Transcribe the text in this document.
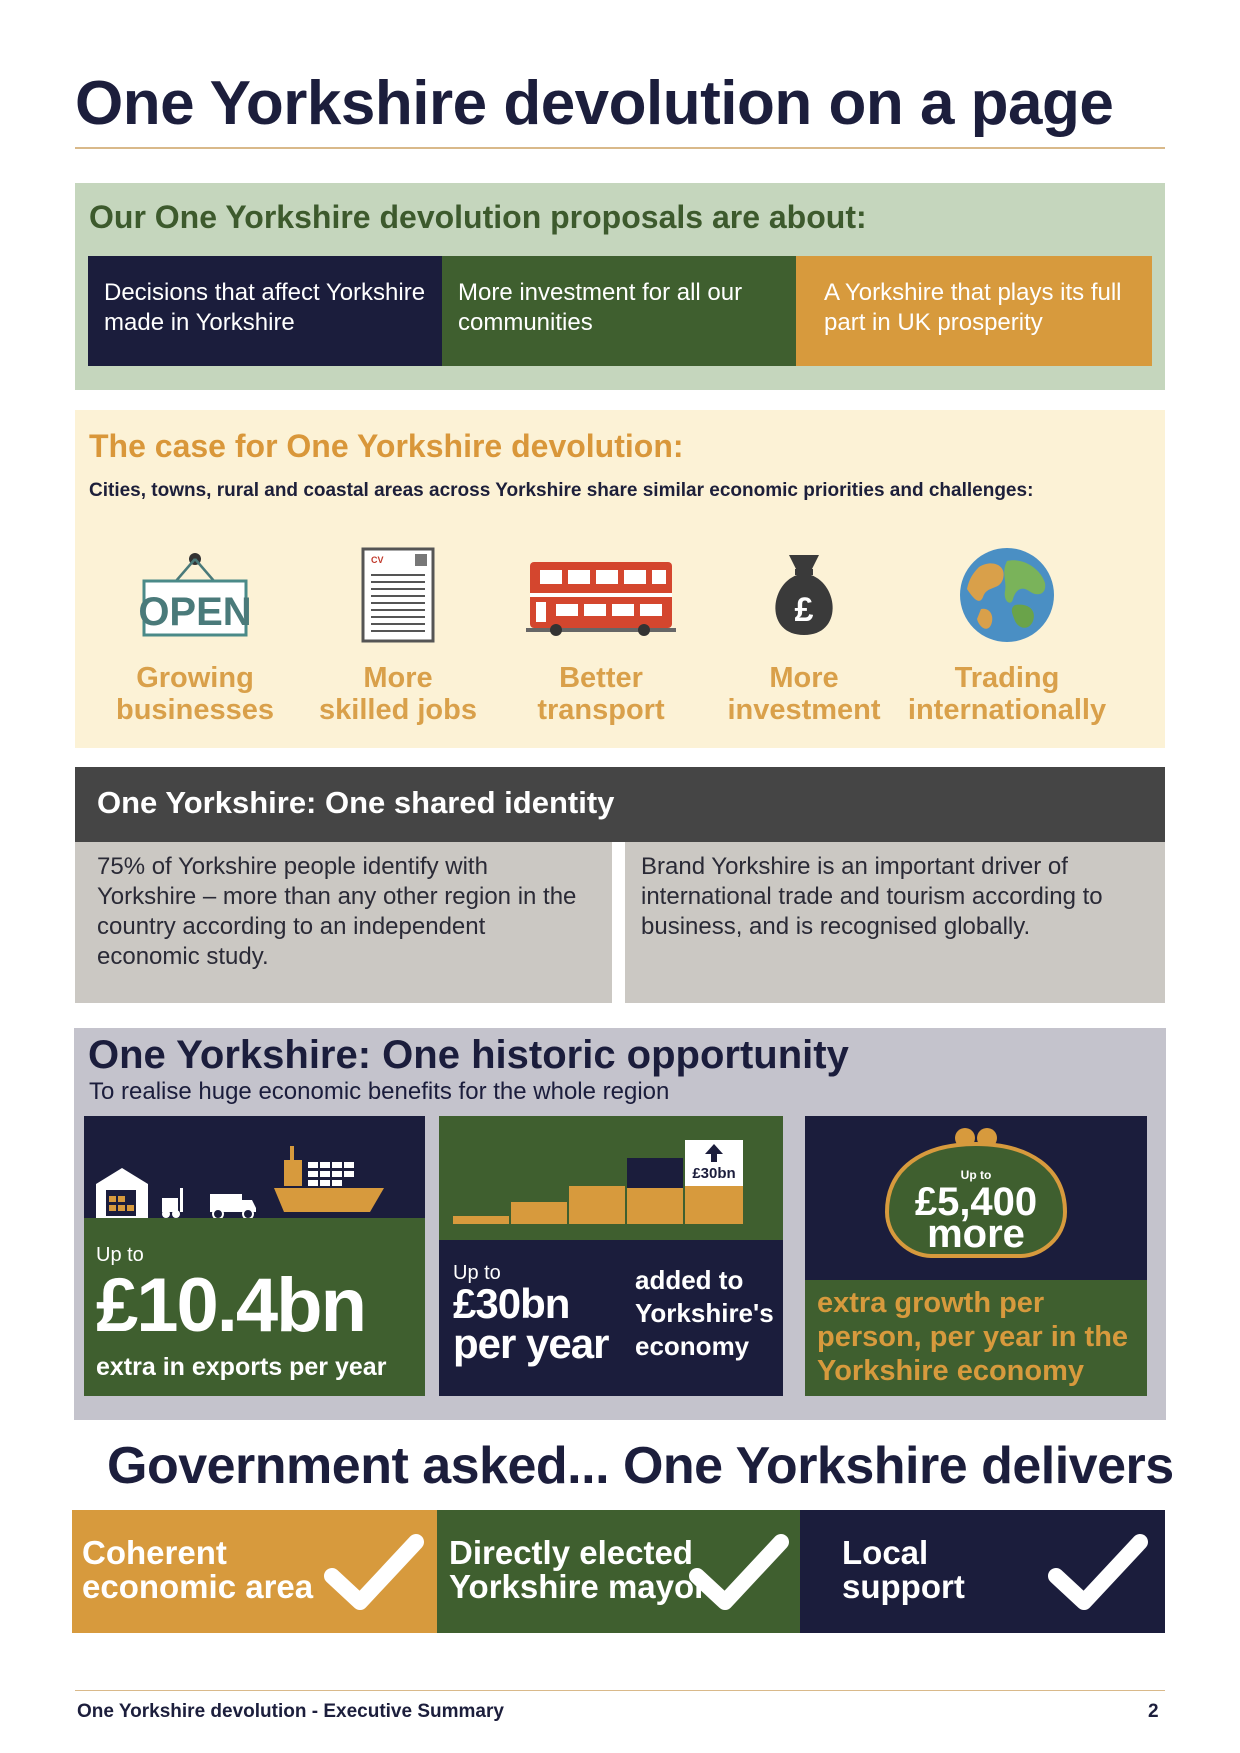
One Yorkshire devolution on a page
Our One Yorkshire devolution proposals are about:
Decisions that affect Yorkshire made in Yorkshire
More investment for all our communities
A Yorkshire that plays its full part in UK prosperity
The case for One Yorkshire devolution:
Cities, towns, rural and coastal areas across Yorkshire share similar economic priorities and challenges:
OPEN
Growing
businesses
CV
More
skilled jobs
Better
transport
£
More
investment
Trading
internationally
One Yorkshire: One shared identity
75% of Yorkshire people identify with Yorkshire – more than any other region in the country according to an independent economic study.
Brand Yorkshire is an important driver of international trade and tourism according to business, and is recognised globally.
One Yorkshire: One historic opportunity
To realise huge economic benefits for the whole region
Up to
£10.4bn
extra in exports per year
£30bn
Up to
£30bn
per year
added to
Yorkshire's
economy
Up to
£5,400
more
extra growth per
person, per year in the
Yorkshire economy
Government asked... One Yorkshire delivers
Coherent
economic area
Directly elected
Yorkshire mayor
Local
support
One Yorkshire devolution - Executive Summary	2
